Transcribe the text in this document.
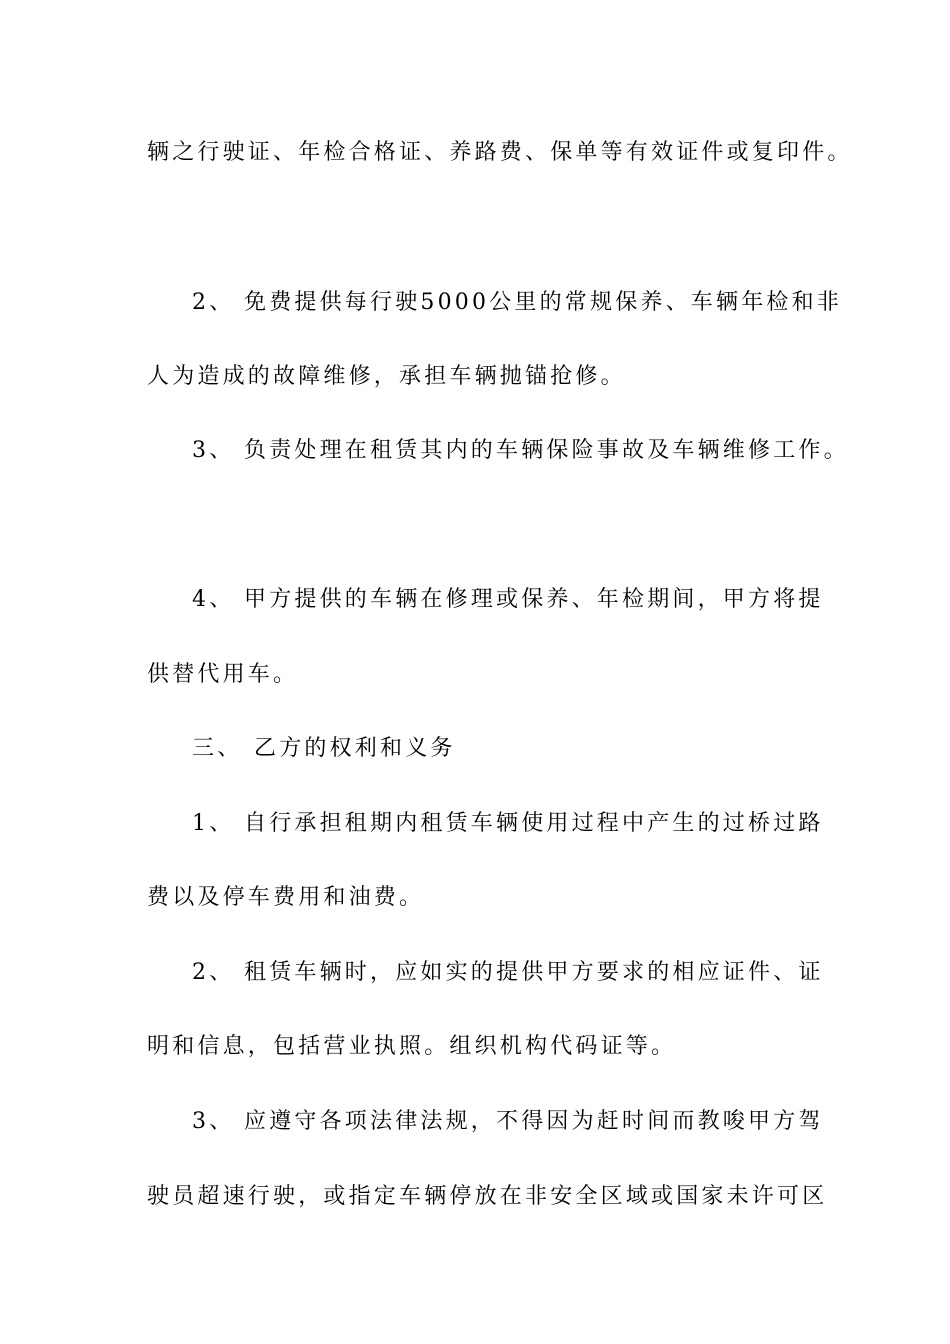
辆之行驶证、年检合格证、养路费、保单等有效证件或复印件。
2、 免费提供每行驶5000公里的常规保养、车辆年检和非
人为造成的故障维修，承担车辆抛锚抢修。
3、 负责处理在租赁其内的车辆保险事故及车辆维修工作。
4、 甲方提供的车辆在修理或保养、年检期间，甲方将提
供替代用车。
三、 乙方的权利和义务
1、 自行承担租期内租赁车辆使用过程中产生的过桥过路
费以及停车费用和油费。
2、 租赁车辆时，应如实的提供甲方要求的相应证件、证
明和信息，包括营业执照。组织机构代码证等。
3、 应遵守各项法律法规，不得因为赶时间而教唆甲方驾
驶员超速行驶，或指定车辆停放在非安全区域或国家未许可区
